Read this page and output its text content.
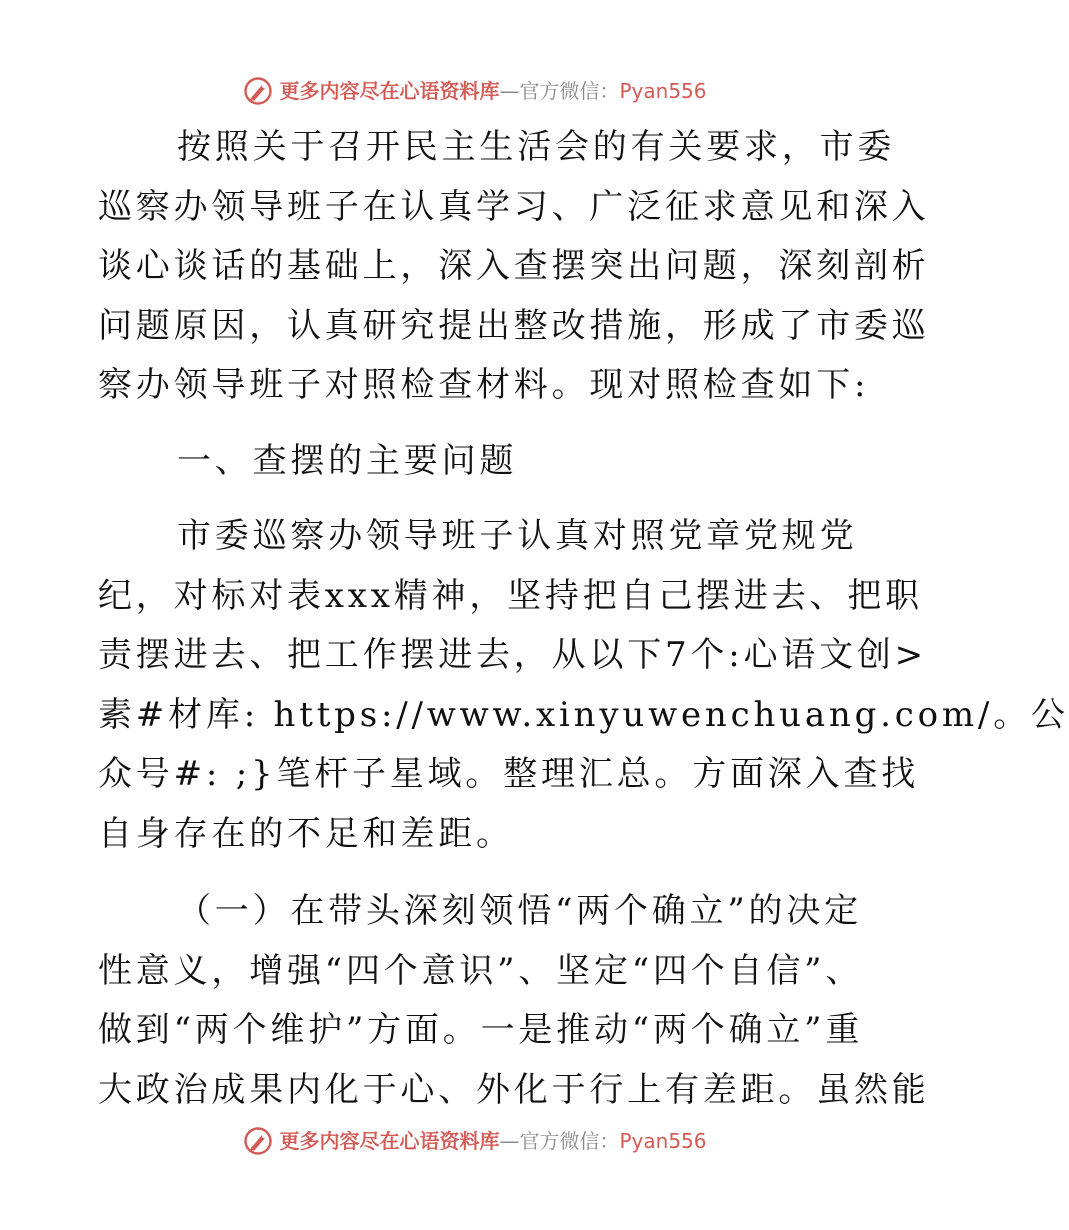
更多内容尽在心语资料库 — 官方微信： Pyan556

按照关于召开民主生活会的有关要求，市委
巡察办领导班子在认真学习、广泛征求意见和深入
谈心谈话的基础上，深入查摆突出问题，深刻剖析
问题原因，认真研究提出整改措施，形成了市委巡
察办领导班子对照检查材料。现对照检查如下:

一、查摆的主要问题

市委巡察办领导班子认真对照党章党规党
纪，对标对表xxx精神，坚持把自己摆进去、把职
责摆进去、把工作摆进去，从以下7个:心语文创>
素#材库: https://www.xinyuwenchuang.com/。公
众号#: ;}笔杆子星域。整理汇总。方面深入查找
自身存在的不足和差距。

（一）在带头深刻领悟“两个确立”的决定
性意义，增强“四个意识”、坚定“四个自信”、
做到“两个维护”方面。一是推动“两个确立”重
大政治成果内化于心、外化于行上有差距。虽然能

更多内容尽在心语资料库 — 官方微信： Pyan556
